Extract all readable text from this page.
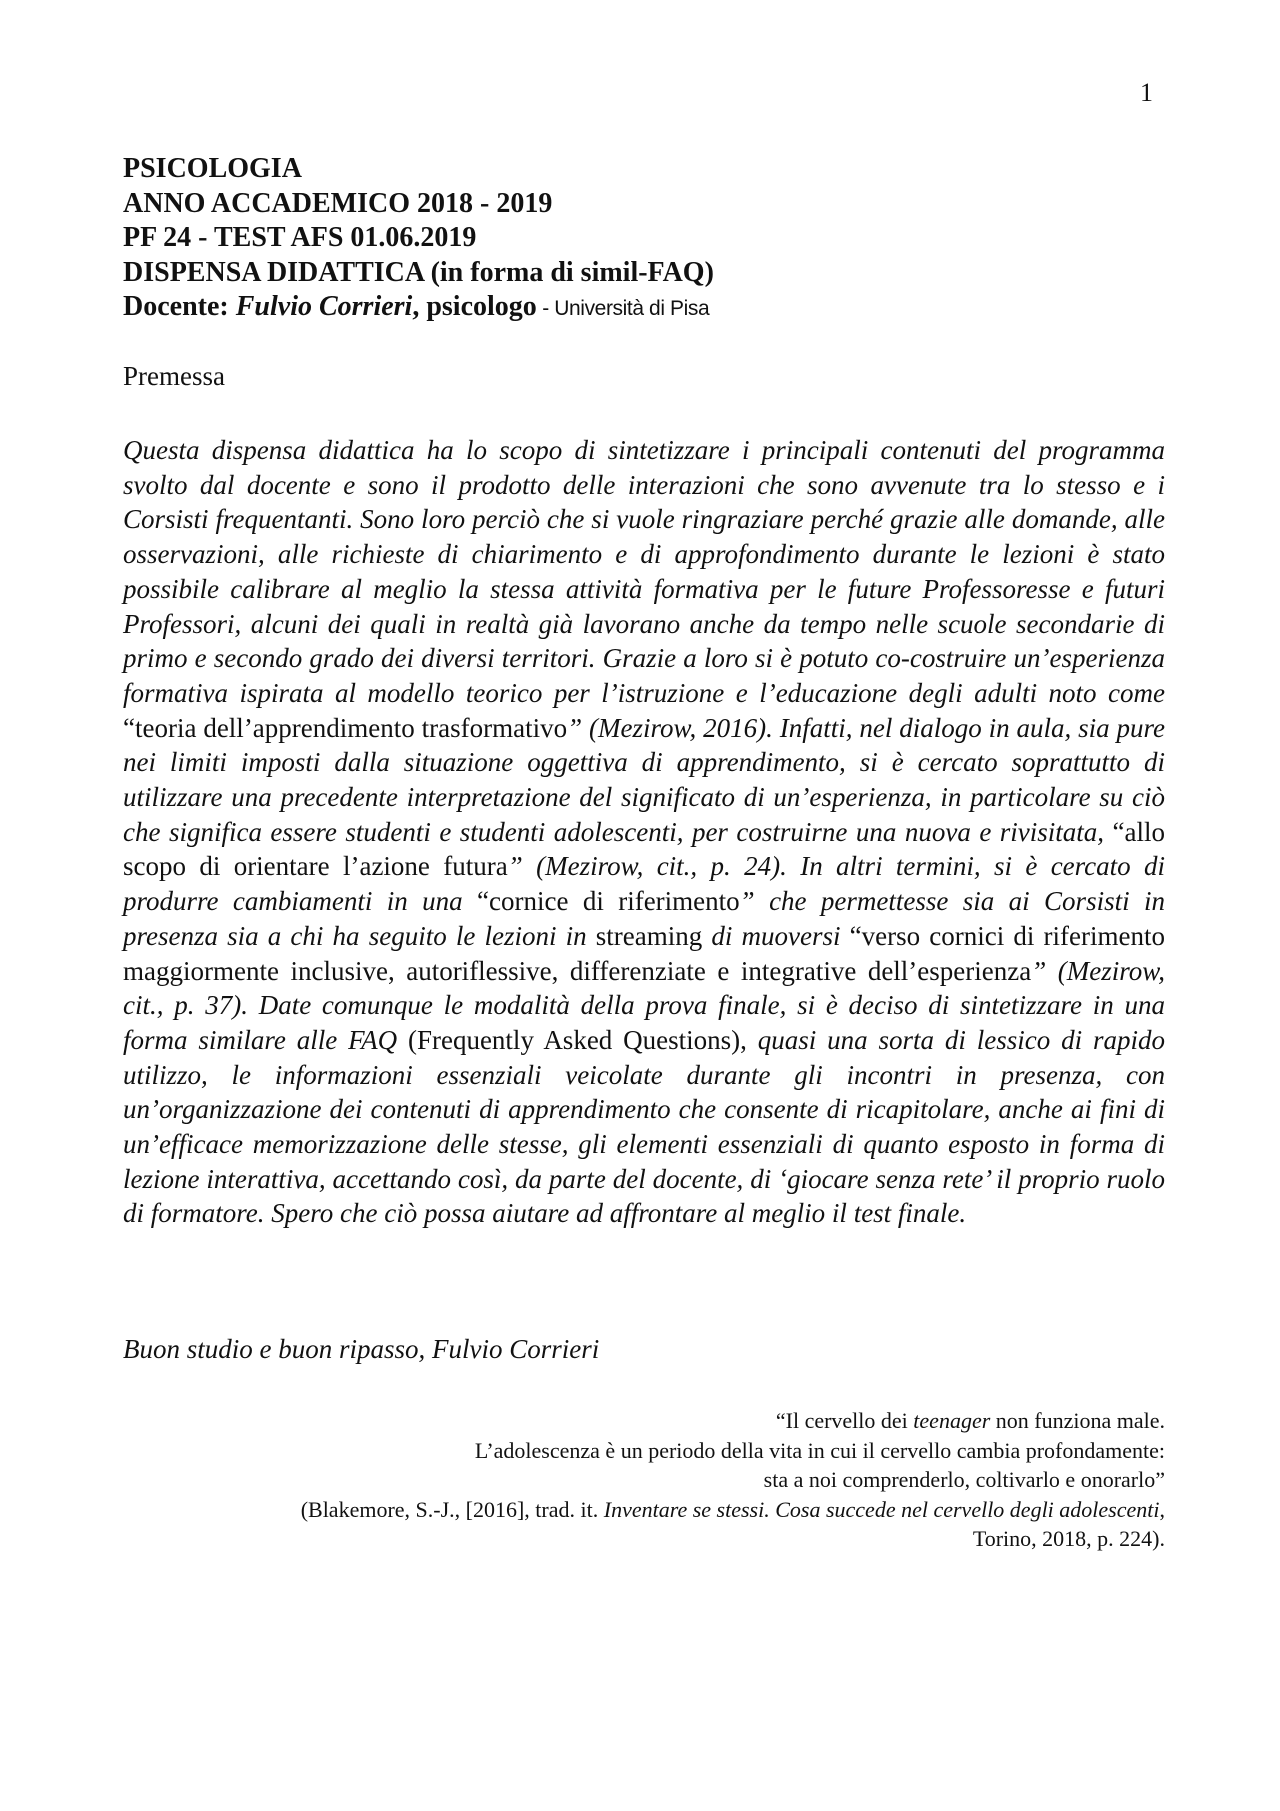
1
PSICOLOGIA
ANNO ACCADEMICO 2018 - 2019
PF 24 - TEST AFS 01.06.2019
DISPENSA DIDATTICA (in forma di simil-FAQ)
Docente: Fulvio Corrieri, psicologo - Università di Pisa
Premessa

Questa dispensa didattica ha lo scopo di sintetizzare i principali contenuti del programma svolto dal docente e sono il prodotto delle interazioni che sono avvenute tra lo stesso e i Corsisti frequentanti. Sono loro perciò che si vuole ringraziare perché grazie alle domande, alle osservazioni, alle richieste di chiarimento e di approfondimento durante le lezioni è stato possibile calibrare al meglio la stessa attività formativa per le future Professoresse e futuri Professori, alcuni dei quali in realtà già lavorano anche da tempo nelle scuole secondarie di primo e secondo grado dei diversi territori. Grazie a loro si è potuto co-costruire un’esperienza formativa ispirata al modello teorico per l’istruzione e l’educazione degli adulti noto come “teoria dell’apprendimento trasformativo” (Mezirow, 2016). Infatti, nel dialogo in aula, sia pure nei limiti imposti dalla situazione oggettiva di apprendimento, si è cercato soprattutto di utilizzare una precedente interpretazione del significato di un’esperienza, in particolare su ciò che significa essere studenti e studenti adolescenti, per costruirne una nuova e rivisitata, “allo scopo di orientare l’azione futura” (Mezirow, cit., p. 24). In altri termini, si è cercato di produrre cambiamenti in una “cornice di riferimento” che permettesse sia ai Corsisti in presenza sia a chi ha seguito le lezioni in streaming di muoversi “verso cornici di riferimento maggiormente inclusive, autoriflessive, differenziate e integrative dell’esperienza” (Mezirow, cit., p. 37). Date comunque le modalità della prova finale, si è deciso di sintetizzare in una forma similare alle FAQ (Frequently Asked Questions), quasi una sorta di lessico di rapido utilizzo, le informazioni essenziali veicolate durante gli incontri in presenza, con un’organizzazione dei contenuti di apprendimento che consente di ricapitolare, anche ai fini di un’efficace memorizzazione delle stesse, gli elementi essenziali di quanto esposto in forma di lezione interattiva, accettando così, da parte del docente, di ‘giocare senza rete’ il proprio ruolo di formatore. Spero che ciò possa aiutare ad affrontare al meglio il test finale.

Buon studio e buon ripasso, Fulvio Corrieri
“Il cervello dei teenager non funziona male.
L’adolescenza è un periodo della vita in cui il cervello cambia profondamente:
sta a noi comprenderlo, coltivarlo e onorarlo”
(Blakemore, S.-J., [2016], trad. it. Inventare se stessi. Cosa succede nel cervello degli adolescenti,
Torino, 2018, p. 224).
